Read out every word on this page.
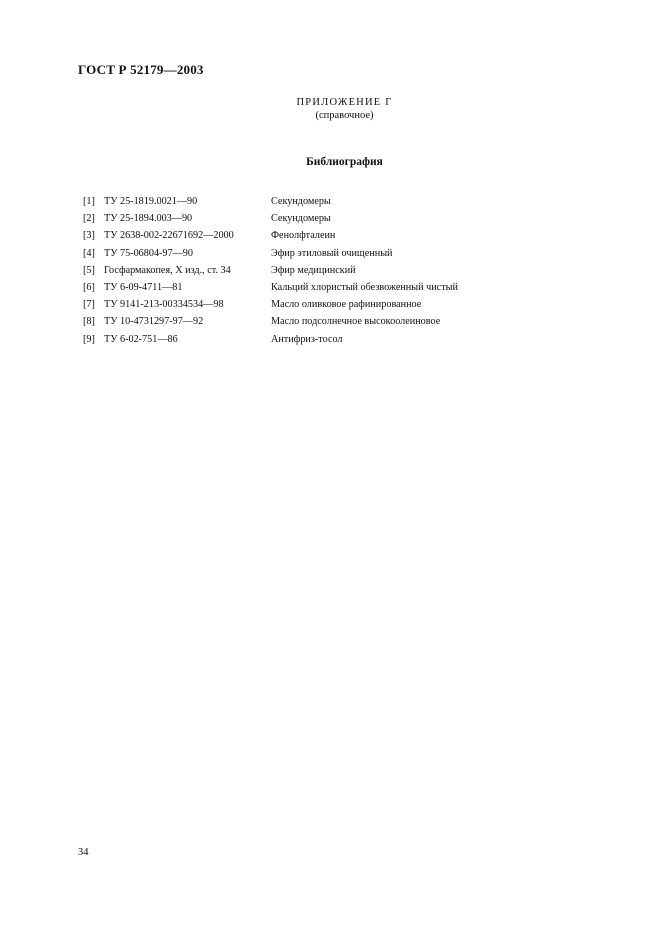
ГОСТ Р 52179—2003
ПРИЛОЖЕНИЕ Г
(справочное)
Библиография
[1] ТУ 25-1819.0021—90	Секундомеры
[2] ТУ 25-1894.003—90	Секундомеры
[3] ТУ 2638-002-22671692—2000	Фенолфталеин
[4] ТУ 75-06804-97—90	Эфир этиловый очищенный
[5] Госфармакопея, X изд., ст. 34	Эфир медицинский
[6] ТУ 6-09-4711—81	Кальций хлористый обезвоженный чистый
[7] ТУ 9141-213-00334534—98	Масло оливковое рафинированное
[8] ТУ 10-4731297-97—92	Масло подсолнечное высокоолеиновое
[9] ТУ 6-02-751—86	Антифриз-тосол
34
